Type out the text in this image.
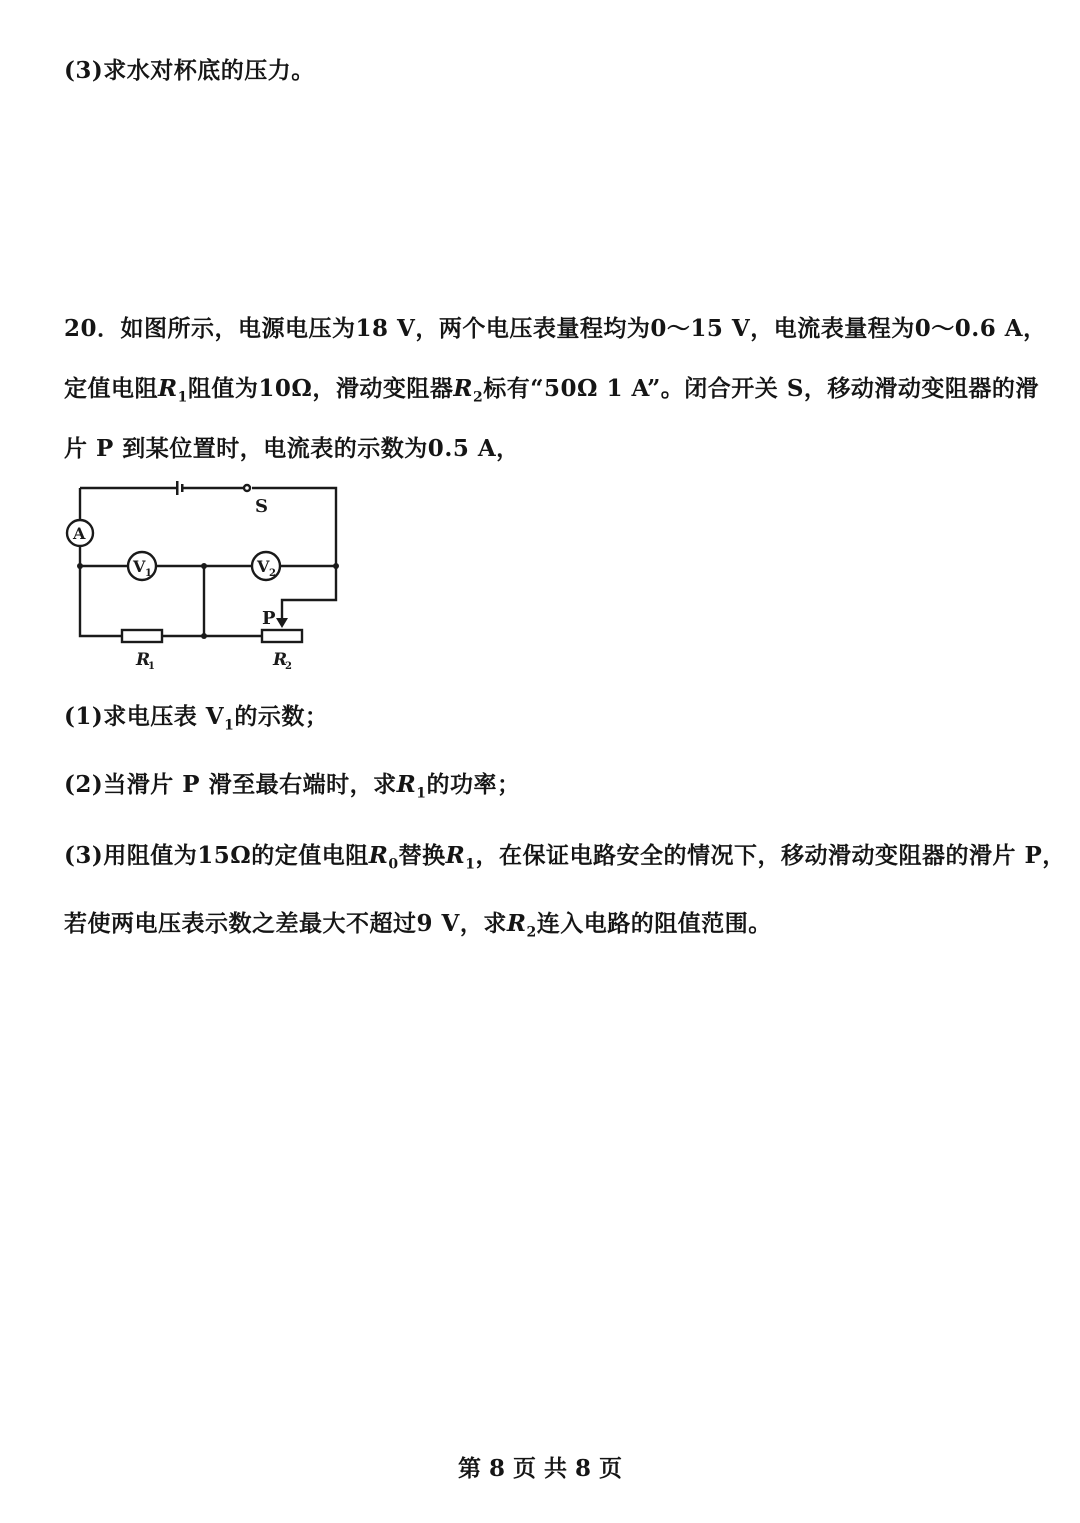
(3)求水对杯底的压力。
20．如图所示，电源电压为18 V，两个电压表量程均为0～15 V，电流表量程为0～0.6 A，
定值电阻$R_1$阻值为10Ω，滑动变阻器$R_2$标有“50Ω 1 A”。闭合开关 S，移动滑动变阻器的滑
片 P 到某位置时，电流表的示数为0.5 A，
S
A
V 1	V 2
P
R
1	R
2
(1)求电压表 $V_1$的示数；
(2)当滑片 P 滑至最右端时，求$R_1$的功率；
(3)用阻值为15Ω的定值电阻$R_0$替换$R_1$，在保证电路安全的情况下，移动滑动变阻器的滑片 P，
若使两电压表示数之差最大不超过9 V，求$R_2$连入电路的阻值范围。
第 8 页 共 8 页
